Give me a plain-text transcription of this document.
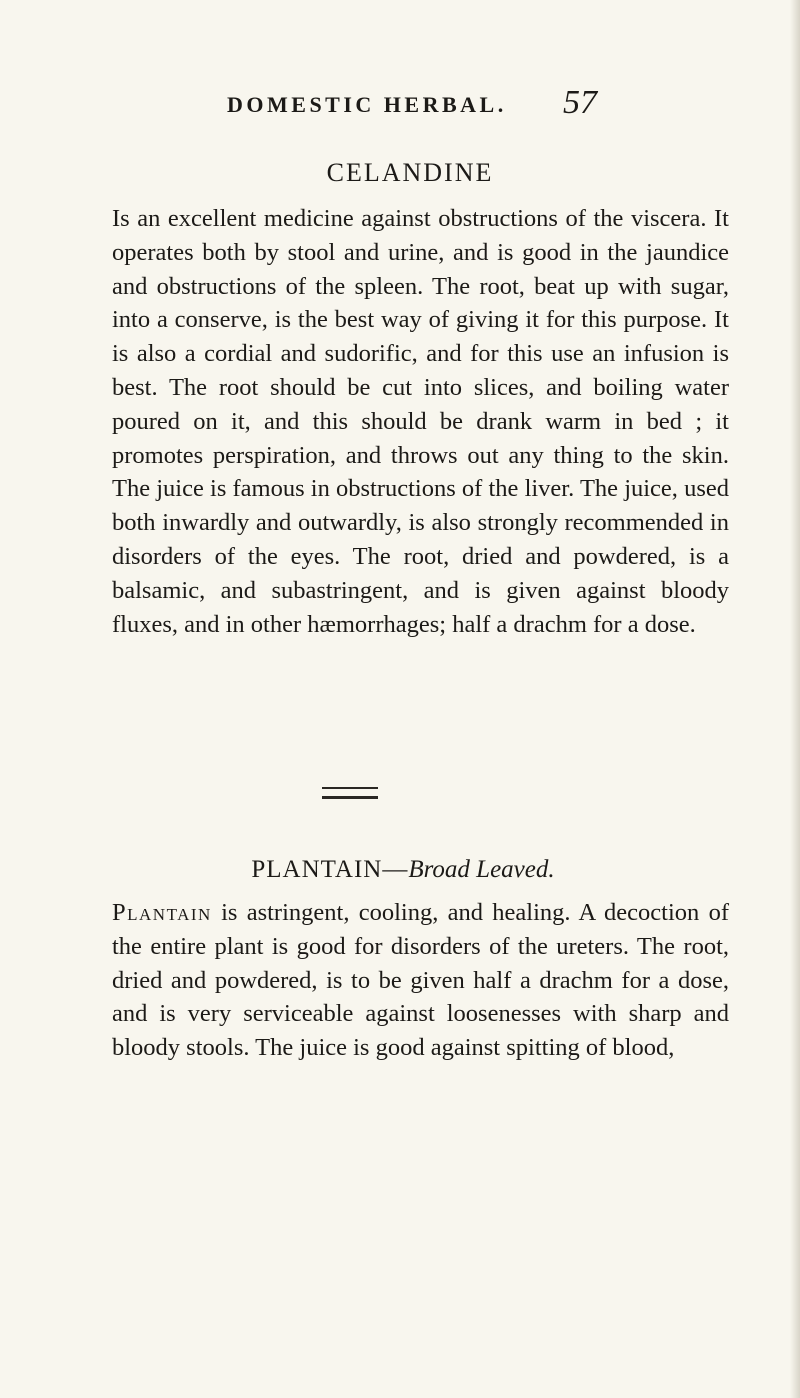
DOMESTIC HERBAL. 57
CELANDINE

Is an excellent medicine against obstructions of the viscera. It operates both by stool and urine, and is good in the jaundice and obstructions of the spleen. The root, beat up with sugar, into a conserve, is the best way of giving it for this purpose. It is also a cordial and sudorific, and for this use an infusion is best. The root should be cut into slices, and boiling water poured on it, and this should be drank warm in bed ; it promotes perspiration, and throws out any thing to the skin. The juice is famous in obstructions of the liver. The juice, used both inwardly and outwardly, is also strongly recommended in disorders of the eyes. The root, dried and powdered, is a balsamic, and subastringent, and is given against bloody fluxes, and in other hæmorrhages; half a drachm for a dose.

PLANTAIN—Broad Leaved.

Plantain is astringent, cooling, and healing. A decoction of the entire plant is good for disorders of the ureters. The root, dried and powdered, is to be given half a drachm for a dose, and is very serviceable against loosenesses with sharp and bloody stools. The juice is good against spitting of blood,
